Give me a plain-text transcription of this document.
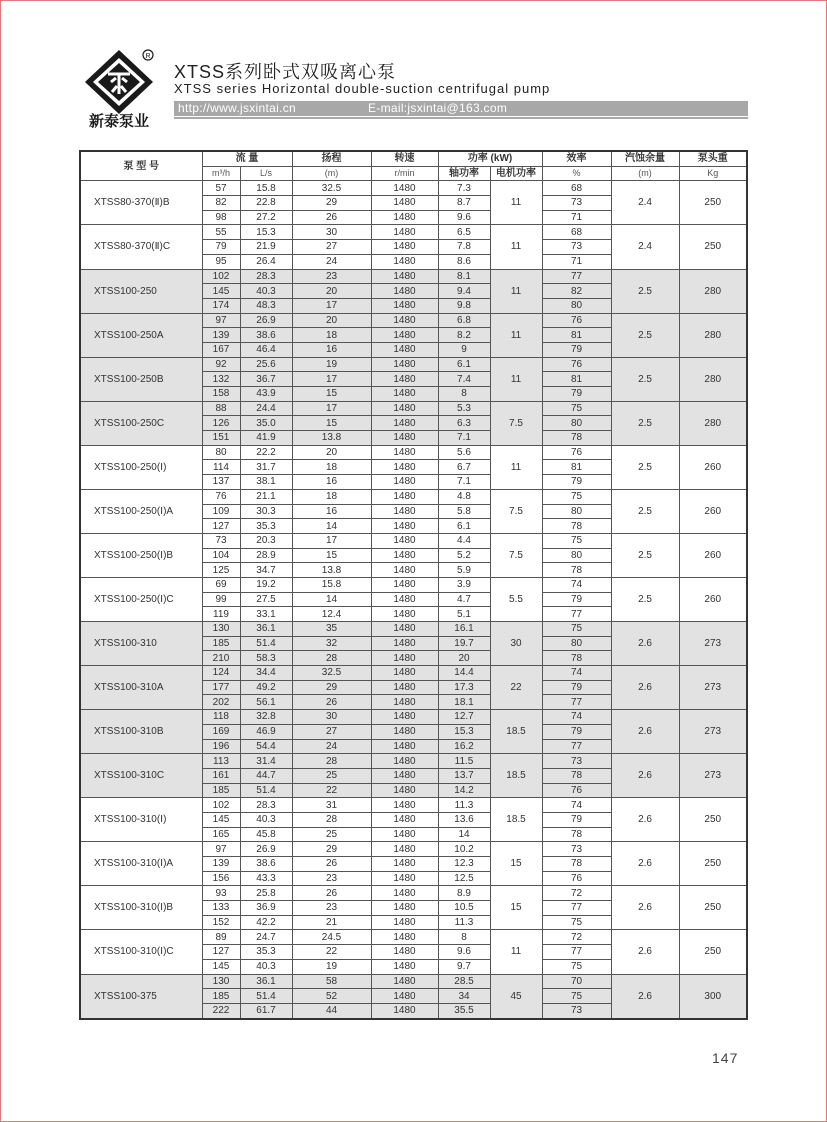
R
新泰泵业
XTSS系列卧式双吸离心泵
XTSS series Horizontal double-suction centrifugal pump
http://www.jsxintai.cn	E-mail:jsxintai@163.com
泵 型 号	流 量		扬程	转速	功率 (kW)		效率	汽蚀余量	泵头重
	m³/h	L/s	(m)	r/min	轴功率	电机功率	%	(m)	Kg
XTSS80-370(Ⅱ)B	57	15.8	32.5	1480	7.3	11	68	2.4	250
	82	22.8	29	1480	8.7		73		
	98	27.2	26	1480	9.6		71		
XTSS80-370(Ⅱ)C	55	15.3	30	1480	6.5	11	68	2.4	250
	79	21.9	27	1480	7.8		73		
	95	26.4	24	1480	8.6		71		
XTSS100-250	102	28.3	23	1480	8.1	11	77	2.5	280
	145	40.3	20	1480	9.4		82		
	174	48.3	17	1480	9.8		80		
XTSS100-250A	97	26.9	20	1480	6.8	11	76	2.5	280
	139	38.6	18	1480	8.2		81		
	167	46.4	16	1480	9		79		
XTSS100-250B	92	25.6	19	1480	6.1	11	76	2.5	280
	132	36.7	17	1480	7.4		81		
	158	43.9	15	1480	8		79		
XTSS100-250C	88	24.4	17	1480	5.3	7.5	75	2.5	280
	126	35.0	15	1480	6.3		80		
	151	41.9	13.8	1480	7.1		78		
XTSS100-250(Ⅰ)	80	22.2	20	1480	5.6	11	76	2.5	260
	114	31.7	18	1480	6.7		81		
	137	38.1	16	1480	7.1		79		
XTSS100-250(Ⅰ)A	76	21.1	18	1480	4.8	7.5	75	2.5	260
	109	30.3	16	1480	5.8		80		
	127	35.3	14	1480	6.1		78		
XTSS100-250(Ⅰ)B	73	20.3	17	1480	4.4	7.5	75	2.5	260
	104	28.9	15	1480	5.2		80		
	125	34.7	13.8	1480	5.9		78		
XTSS100-250(Ⅰ)C	69	19.2	15.8	1480	3.9	5.5	74	2.5	260
	99	27.5	14	1480	4.7		79		
	119	33.1	12.4	1480	5.1		77		
XTSS100-310	130	36.1	35	1480	16.1	30	75	2.6	273
	185	51.4	32	1480	19.7		80		
	210	58.3	28	1480	20		78		
XTSS100-310A	124	34.4	32.5	1480	14.4	22	74	2.6	273
	177	49.2	29	1480	17.3		79		
	202	56.1	26	1480	18.1		77		
XTSS100-310B	118	32.8	30	1480	12.7	18.5	74	2.6	273
	169	46.9	27	1480	15.3		79		
	196	54.4	24	1480	16.2		77		
XTSS100-310C	113	31.4	28	1480	11.5	18.5	73	2.6	273
	161	44.7	25	1480	13.7		78		
	185	51.4	22	1480	14.2		76		
XTSS100-310(Ⅰ)	102	28.3	31	1480	11.3	18.5	74	2.6	250
	145	40.3	28	1480	13.6		79		
	165	45.8	25	1480	14		78		
XTSS100-310(Ⅰ)A	97	26.9	29	1480	10.2	15	73	2.6	250
	139	38.6	26	1480	12.3		78		
	156	43.3	23	1480	12.5		76		
XTSS100-310(Ⅰ)B	93	25.8	26	1480	8.9	15	72	2.6	250
	133	36.9	23	1480	10.5		77		
	152	42.2	21	1480	11.3		75		
XTSS100-310(Ⅰ)C	89	24.7	24.5	1480	8	11	72	2.6	250
	127	35.3	22	1480	9.6		77		
	145	40.3	19	1480	9.7		75		
XTSS100-375	130	36.1	58	1480	28.5	45	70	2.6	300
	185	51.4	52	1480	34		75		
	222	61.7	44	1480	35.5		73		
147
